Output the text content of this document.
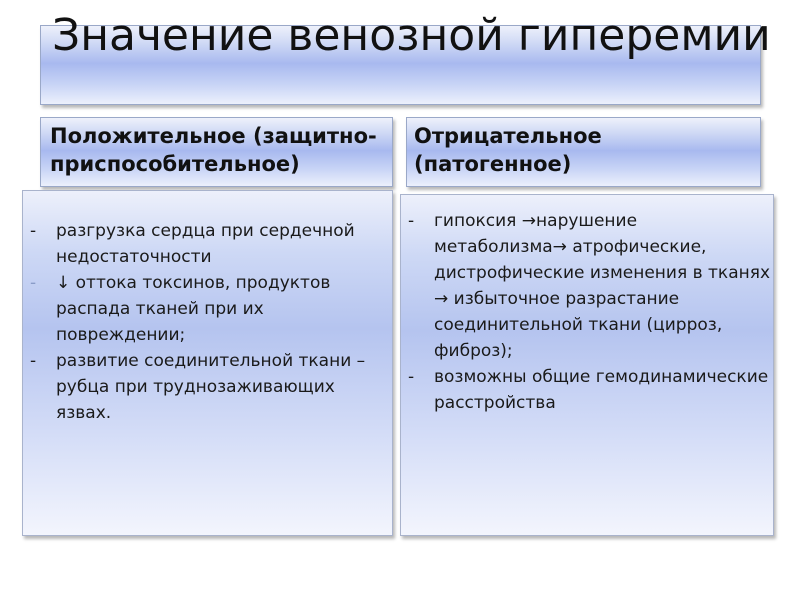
Положительное (защитно-приспособительное)
Отрицательное (патогенное)
Значение венозной гиперемии

- разгрузка сердца при сердечной недостаточности

- ↓ оттока токсинов, продуктов распада тканей при их повреждении;

- развитие соединительной ткани – рубца при труднозаживающих язвах.

- гипоксия →нарушение метаболизма→ атрофические, дистрофические изменения в тканях → избыточное разрастание соединительной ткани (цирроз, фиброз);

- возможны общие гемодинамические расстройства
